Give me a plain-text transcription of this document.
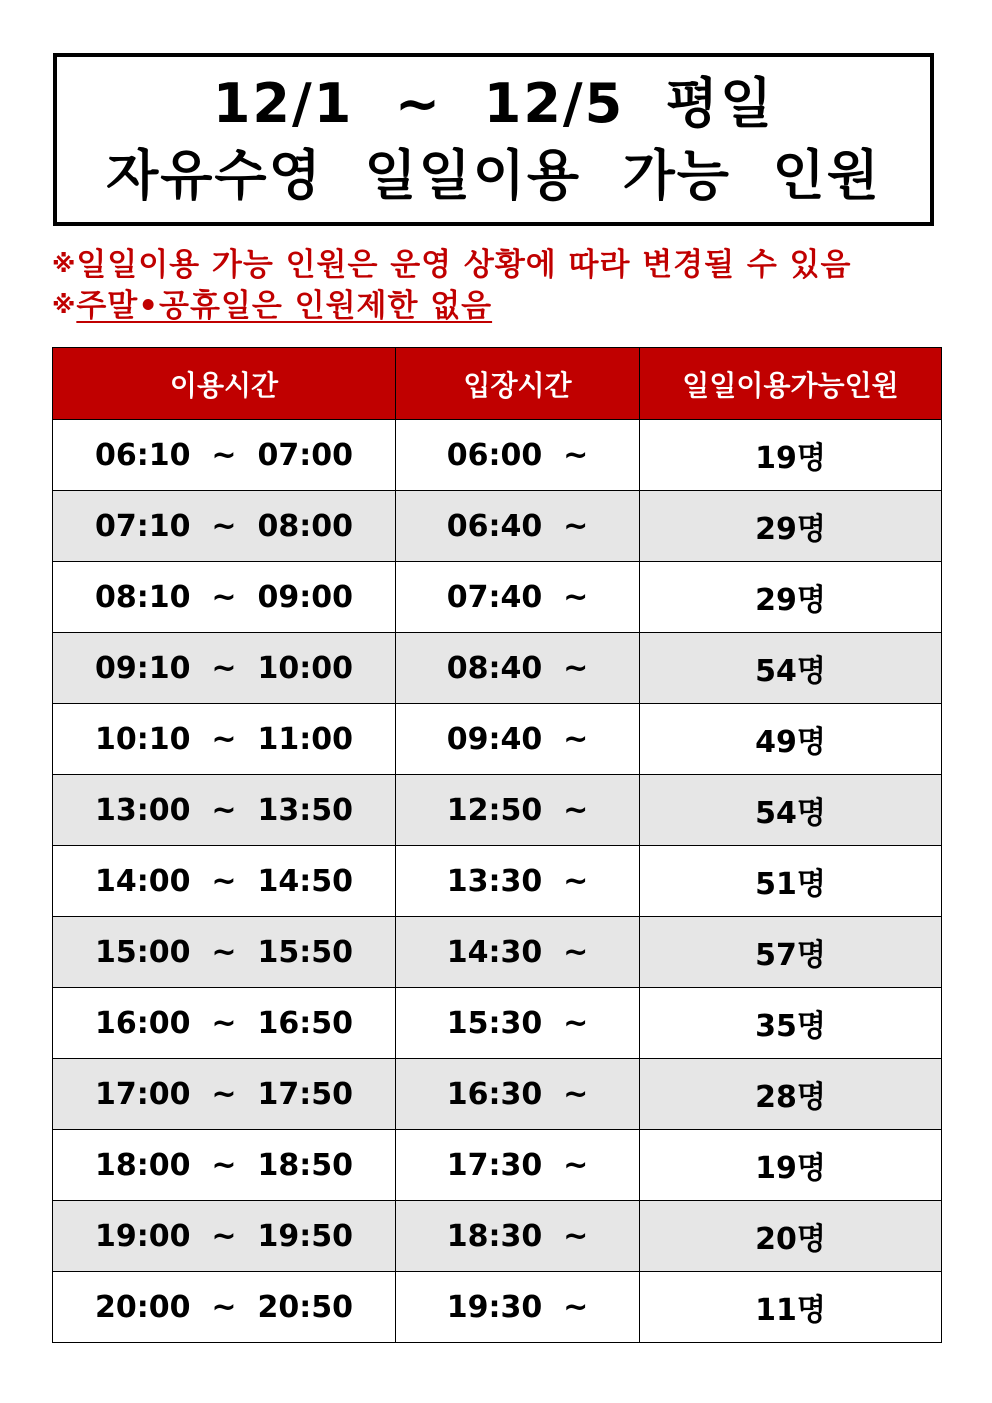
12/1  ~  12/5  평일
자유수영  일일이용  가능  인원
※일일이용 가능 인원은 운영 상황에 따라 변경될 수 있음
※주말•공휴일은 인원제한 없음
이용시간	입장시간	일일이용가능인원
06:10  ~  07:00	06:00  ~	19명
07:10  ~  08:00	06:40  ~	29명
08:10  ~  09:00	07:40  ~	29명
09:10  ~  10:00	08:40  ~	54명
10:10  ~  11:00	09:40  ~	49명
13:00  ~  13:50	12:50  ~	54명
14:00  ~  14:50	13:30  ~	51명
15:00  ~  15:50	14:30  ~	57명
16:00  ~  16:50	15:30  ~	35명
17:00  ~  17:50	16:30  ~	28명
18:00  ~  18:50	17:30  ~	19명
19:00  ~  19:50	18:30  ~	20명
20:00  ~  20:50	19:30  ~	11명
